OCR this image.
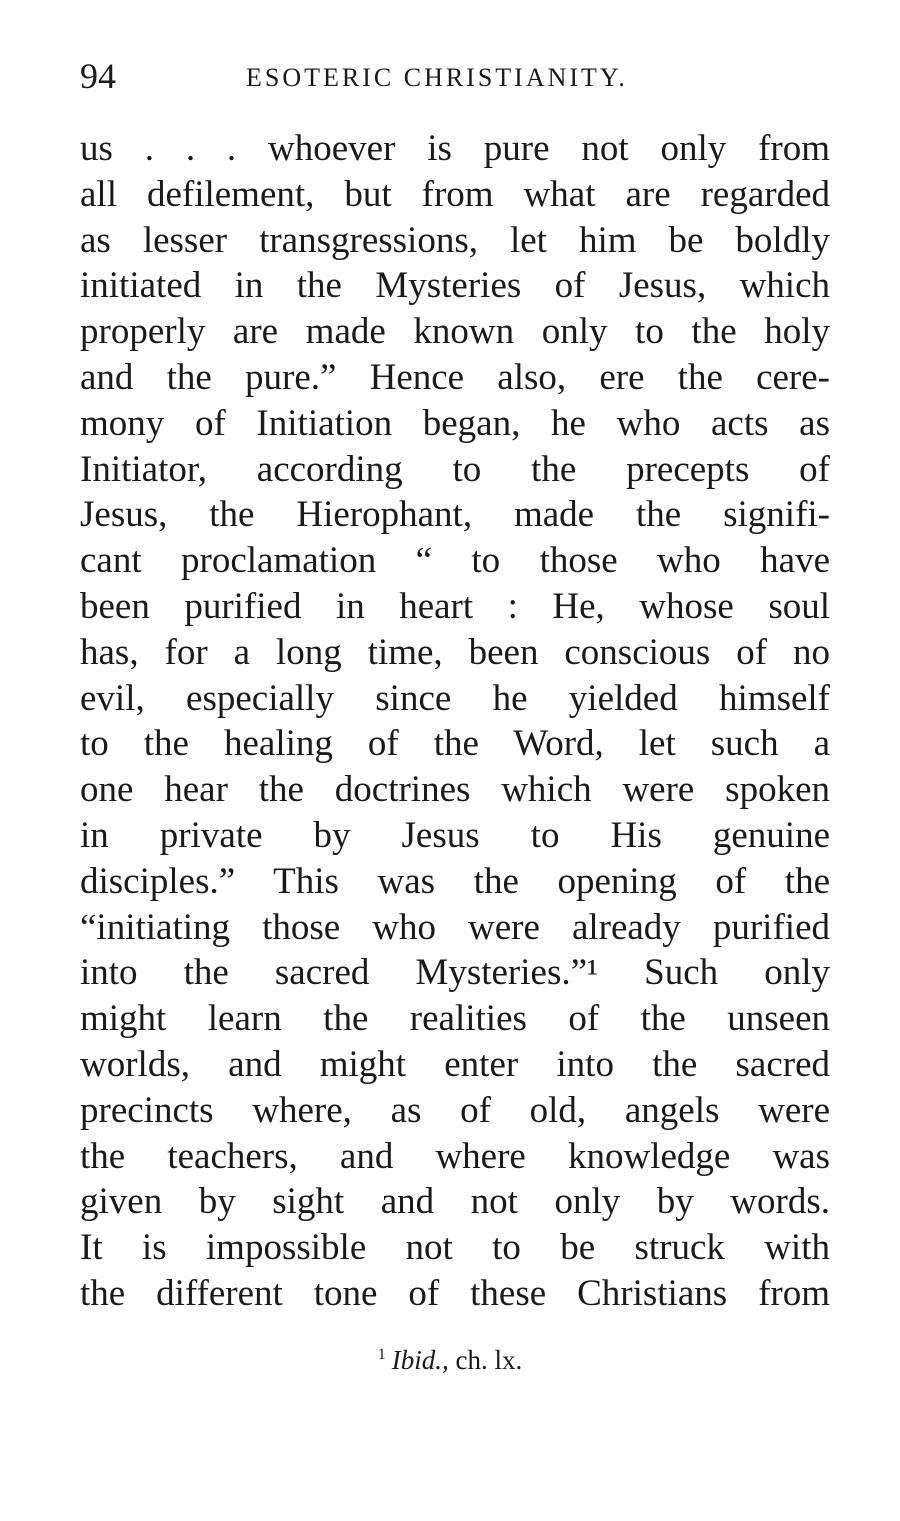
94	ESOTERIC CHRISTIANITY.
us . . . whoever is pure not only from
all defilement, but from what are regarded
as lesser transgressions, let him be boldly
initiated in the Mysteries of Jesus, which
properly are made known only to the holy
and the pure.” Hence also, ere the cere-
mony of Initiation began, he who acts as
Initiator, according to the precepts of
Jesus, the Hierophant, made the signifi-
cant proclamation “ to those who have
been purified in heart : He, whose soul
has, for a long time, been conscious of no
evil, especially since he yielded himself
to the healing of the Word, let such a
one hear the doctrines which were spoken
in private by Jesus to His genuine
disciples.” This was the opening of the
“initiating those who were already purified
into the sacred Mysteries.”¹ Such only
might learn the realities of the unseen
worlds, and might enter into the sacred
precincts where, as of old, angels were
the teachers, and where knowledge was
given by sight and not only by words.
It is impossible not to be struck with
the different tone of these Christians from
$^1$ Ibid., ch. lx.
